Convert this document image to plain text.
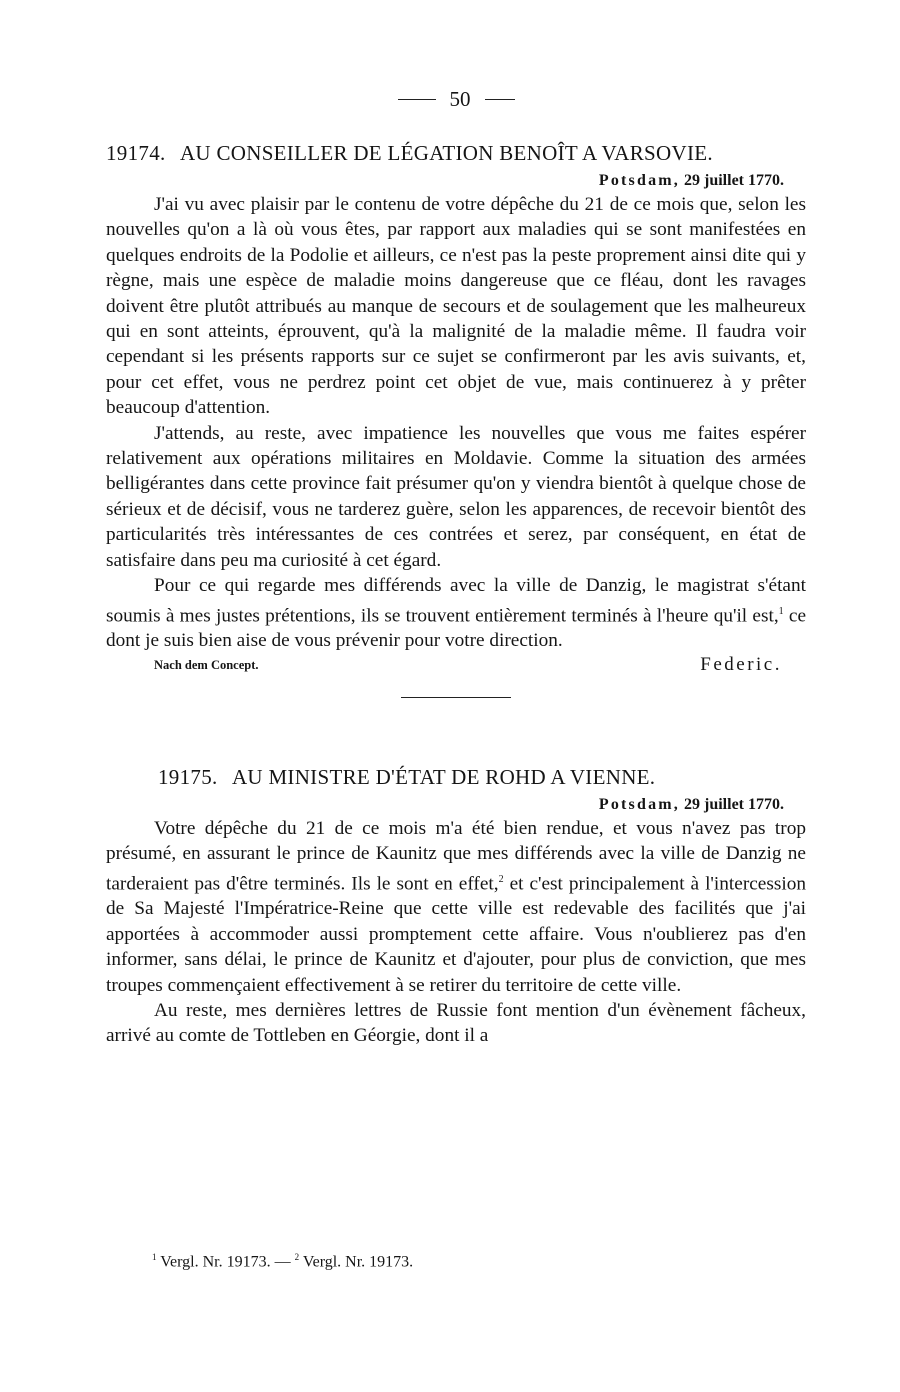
50
19174. AU CONSEILLER DE LÉGATION BENOÎT A VARSOVIE.
Potsdam, 29 juillet 1770.

J'ai vu avec plaisir par le contenu de votre dépêche du 21 de ce mois que, selon les nouvelles qu'on a là où vous êtes, par rapport aux maladies qui se sont manifestées en quelques endroits de la Podolie et ailleurs, ce n'est pas la peste proprement ainsi dite qui y règne, mais une espèce de maladie moins dangereuse que ce fléau, dont les ravages doivent être plutôt attribués au manque de secours et de soulagement que les malheureux qui en sont atteints, éprouvent, qu'à la malignité de la maladie même. Il faudra voir cependant si les présents rapports sur ce sujet se confirmeront par les avis suivants, et, pour cet effet, vous ne perdrez point cet objet de vue, mais continuerez à y prêter beaucoup d'attention.

J'attends, au reste, avec impatience les nouvelles que vous me faites espérer relativement aux opérations militaires en Moldavie. Comme la situation des armées belligérantes dans cette province fait présumer qu'on y viendra bientôt à quelque chose de sérieux et de décisif, vous ne tarderez guère, selon les apparences, de recevoir bientôt des particularités très intéressantes de ces contrées et serez, par conséquent, en état de satisfaire dans peu ma curiosité à cet égard.

Pour ce qui regarde mes différends avec la ville de Danzig, le magistrat s'étant soumis à mes justes prétentions, ils se trouvent entièrement terminés à l'heure qu'il est,$^1$ ce dont je suis bien aise de vous prévenir pour votre direction.

Federic.
Nach dem Concept.
19175. AU MINISTRE D'ÉTAT DE ROHD A VIENNE.
Potsdam, 29 juillet 1770.

Votre dépêche du 21 de ce mois m'a été bien rendue, et vous n'avez pas trop présumé, en assurant le prince de Kaunitz que mes différends avec la ville de Danzig ne tarderaient pas d'être terminés. Ils le sont en effet,$^2$ et c'est principalement à l'intercession de Sa Majesté l'Impératrice-Reine que cette ville est redevable des facilités que j'ai apportées à accommoder aussi promptement cette affaire. Vous n'oublierez pas d'en informer, sans délai, le prince de Kaunitz et d'ajouter, pour plus de conviction, que mes troupes commençaient effectivement à se retirer du territoire de cette ville.

Au reste, mes dernières lettres de Russie font mention d'un évènement fâcheux, arrivé au comte de Tottleben en Géorgie, dont il a

$^1$ Vergl. Nr. 19173. — $^2$ Vergl. Nr. 19173.
